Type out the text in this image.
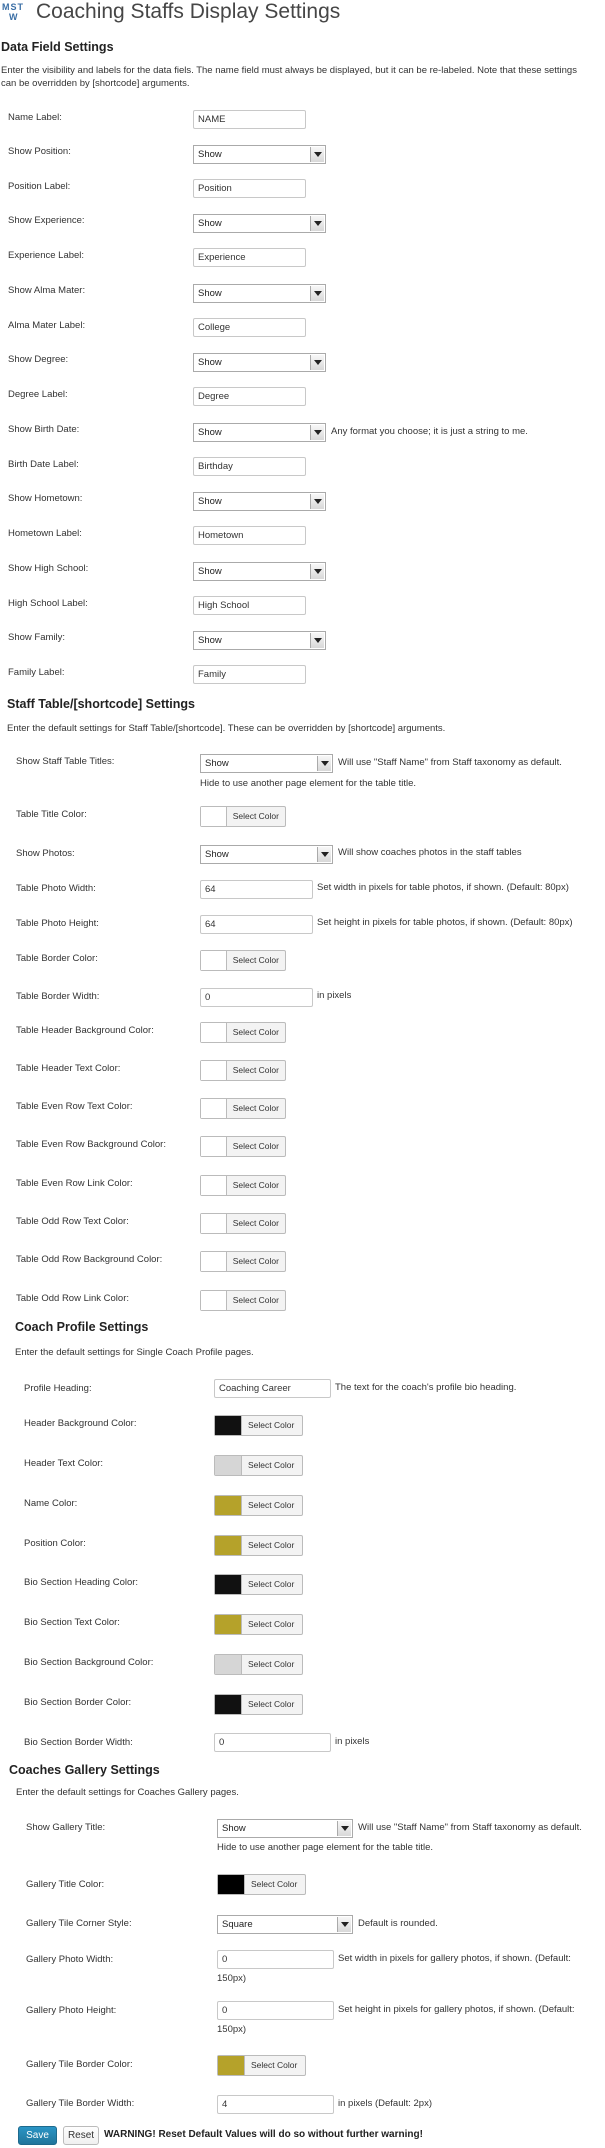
MST
W Coaching Staffs Display Settings
Data Field Settings
Enter the visibility and labels for the data fiels. The name field must always be displayed, but it can be re-labeled. Note that these settings can be overridden by [shortcode] arguments.
Name Label:	NAME
Show Position:	Show
Position Label:	Position
Show Experience:	Show
Experience Label:	Experience
Show Alma Mater:	Show
Alma Mater Label:	College
Show Degree:	Show
Degree Label:	Degree
Show Birth Date:	Show	Any format you choose; it is just a string to me.
Birth Date Label:	Birthday
Show Hometown:	Show
Hometown Label:	Hometown
Show High School:	Show
High School Label:	High School
Show Family:	Show
Family Label:	Family
Staff Table/[shortcode] Settings
Enter the default settings for Staff Table/[shortcode]. These can be overridden by [shortcode] arguments.
Show Staff Table Titles:	Show	Will use "Staff Name" from Staff taxonomy as default.
Hide to use another page element for the table title.
Table Title Color:	Select Color
Show Photos:	Show	Will show coaches photos in the staff tables
Table Photo Width:	64	Set width in pixels for table photos, if shown. (Default: 80px)
Table Photo Height:	64	Set height in pixels for table photos, if shown. (Default: 80px)
Table Border Color:	Select Color
Table Border Width:	0	in pixels
Table Header Background Color:	Select Color
Table Header Text Color:	Select Color
Table Even Row Text Color:	Select Color
Table Even Row Background Color:	Select Color
Table Even Row Link Color:	Select Color
Table Odd Row Text Color:	Select Color
Table Odd Row Background Color:	Select Color
Table Odd Row Link Color:	Select Color
Coach Profile Settings
Enter the default settings for Single Coach Profile pages.
Profile Heading:	Coaching Career	The text for the coach's profile bio heading.
Header Background Color:	Select Color
Header Text Color:	Select Color
Name Color:	Select Color
Position Color:	Select Color
Bio Section Heading Color:	Select Color
Bio Section Text Color:	Select Color
Bio Section Background Color:	Select Color
Bio Section Border Color:	Select Color
Bio Section Border Width:	0	in pixels
Coaches Gallery Settings
Enter the default settings for Coaches Gallery pages.
Show Gallery Title:	Show	Will use "Staff Name" from Staff taxonomy as default.
Hide to use another page element for the table title.
Gallery Title Color:	Select Color
Gallery Tile Corner Style:	Square	Default is rounded.
Gallery Photo Width:	0	Set width in pixels for gallery photos, if shown. (Default:
150px)
Gallery Photo Height:	0	Set height in pixels for gallery photos, if shown. (Default:
150px)
Gallery Tile Border Color:	Select Color
Gallery Tile Border Width:	4	in pixels (Default: 2px)
Save	Reset WARNING! Reset Default Values will do so without further warning!
